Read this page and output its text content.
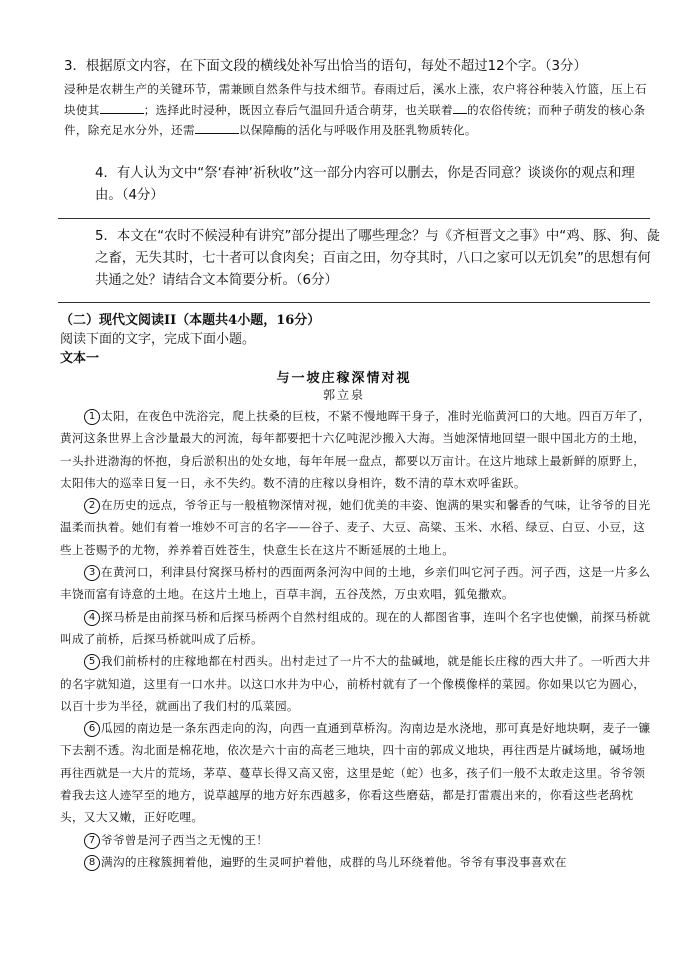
3．根据原文内容，在下面文段的横线处补写出恰当的语句，每处不超过12个字。（3分）

浸种是农耕生产的关键环节，需兼顾自然条件与技术细节。春雨过后，溪水上涨，农户将谷种装入竹篮，压上石块使其	；选择此时浸种，既因立春后气温回升适合萌芽，也关联着 的农俗传统；而种子萌发的核心条件，除充足水分外，还需	以保障酶的活化与呼吸作用及胚乳物质转化。

4．有人认为文中“祭‘春神’祈秋收”这一部分内容可以删去，你是否同意？谈谈你的观点和理由。（4分）

5．本文在“农时不候浸种有讲究”部分提出了哪些理念？与《齐桓晋文之事》中“鸡、豚、狗、彘之畜，无失其时，七十者可以食肉矣；百亩之田，勿夺其时，八口之家可以无饥矣”的思想有何共通之处？请结合文本简要分析。（6分）

（二）现代文阅读II（本题共4小题，16分）
阅读下面的文字，完成下面小题。
文本一
与一坡庄稼深情对视
郭立泉

1 太阳，在夜色中洗浴完，爬上扶桑的巨枝，不紧不慢地晖干身子，准时光临黄河口的大地。四百万年了，黄河这条世界上含沙量最大的河流，每年都要把十六亿吨泥沙搬入大海。当她深情地回望一眼中国北方的土地，一头扑进渤海的怀抱，身后淤积出的处女地，每年年展一盘点，都要以万亩计。在这片地球上最新鲜的原野上，太阳伟大的巡幸日复一日，永不失约。数不清的庄稼以身相许，数不清的草木欢呼雀跃。

2 在历史的远点，爷爷正与一般植物深情对视，她们优美的丰姿、饱满的果实和馨香的气味，让爷爷的目光温柔而执着。她们有着一堆妙不可言的名字——谷子、麦子、大豆、高粱、玉米、水稻、绿豆、白豆、小豆，这些上苍赐予的尤物，养养着百姓苍生，快意生长在这片不断延展的土地上。

3 在黄河口，利津县付窝探马桥村的西面两条河沟中间的土地，乡亲们叫它河子西。河子西，这是一片多么丰饶而富有诗意的土地。在这片土地上，百草丰润，五谷茂然，万虫欢唱，狐兔撒欢。

4 探马桥是由前探马桥和后探马桥两个自然村组成的。现在的人都图省事，连叫个名字也使懒，前探马桥就叫成了前桥，后探马桥就叫成了后桥。

5 我们前桥村的庄稼地都在村西头。出村走过了一片不大的盐碱地，就是能长庄稼的西大井了。一听西大井的名字就知道，这里有一口水井。以这口水井为中心，前桥村就有了一个像模像样的菜园。你如果以它为圆心，以百十步为半径，就画出了我们村的瓜菜园。

6 瓜园的南边是一条东西走向的沟，向西一直通到草桥沟。沟南边是水浇地，那可真是好地块啊，麦子一镰下去割不透。沟北面是棉花地，依次是六十亩的高老三地块，四十亩的郭成义地块，再往西是片碱场地，碱场地再往西就是一大片的荒场，茅草、蔓草长得又高又密，这里是蛇（蛇）也多，孩子们一般不太敢走这里。爷爷领着我去这人迹罕至的地方，说草越厚的地方好东西越多，你看这些磨菇，都是打雷震出来的，你看这些老鸹枕头，又大又嫩，正好吃哩。

7 爷爷曾是河子西当之无愧的王！

8 满沟的庄稼簇拥着他，遍野的生灵呵护着他，成群的鸟儿环绕着他。爷爷有事没事喜欢在
